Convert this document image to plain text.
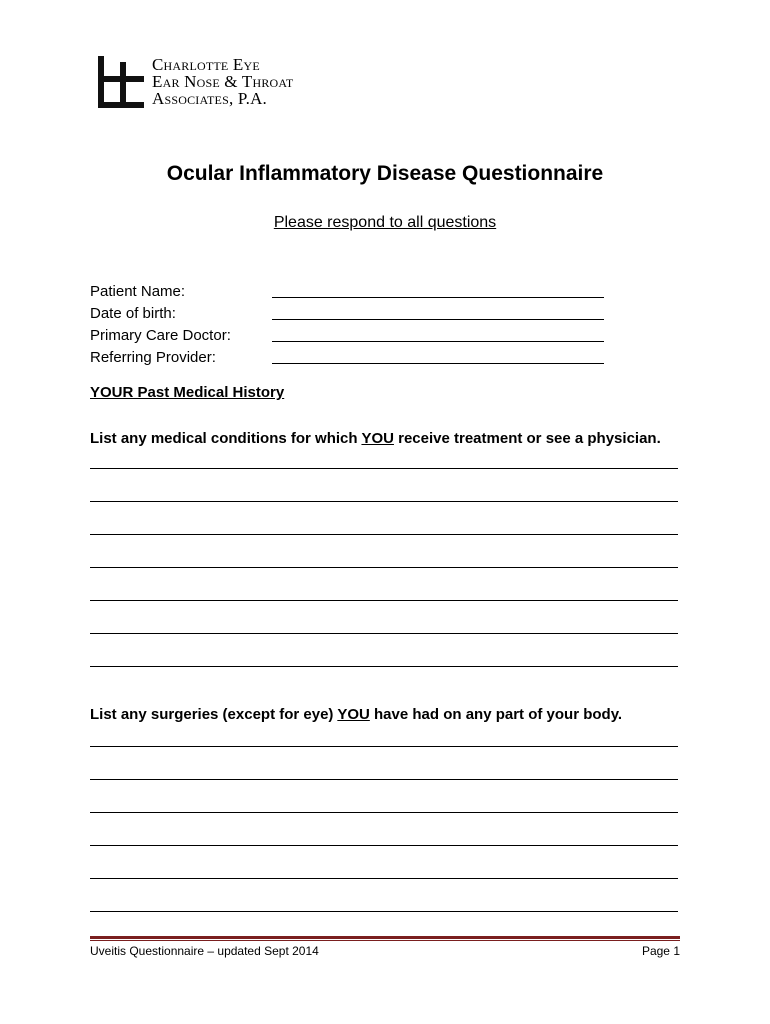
Charlotte Eye
Ear Nose & Throat
Associates, P.A.
Ocular Inflammatory Disease Questionnaire
Please respond to all questions
Patient Name:
Date of birth:
Primary Care Doctor:
Referring Provider:
YOUR Past Medical History
List any medical conditions for which YOU receive treatment or see a physician.
List any surgeries (except for eye) YOU have had on any part of your body.
Uveitis Questionnaire – updated Sept 2014	Page 1
